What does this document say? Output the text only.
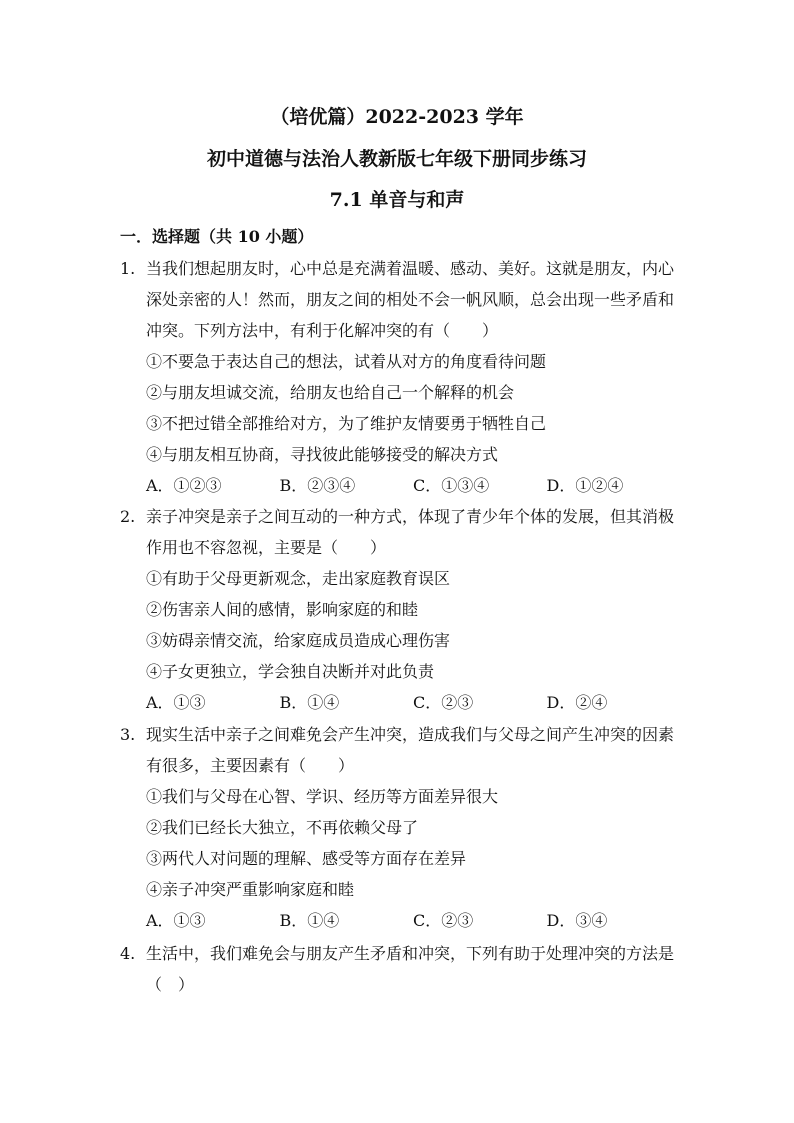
（培优篇）2022-2023 学年
初中道德与法治人教新版七年级下册同步练习
7.1 单音与和声
一．选择题（共 10 小题）
1. 当我们想起朋友时，心中总是充满着温暖、感动、美好。这就是朋友，内心深处亲密的人！然而，朋友之间的相处不会一帆风顺，总会出现一些矛盾和冲突。下列方法中，有利于化解冲突的有（　　）
①不要急于表达自己的想法，试着从对方的角度看待问题
②与朋友坦诚交流，给朋友也给自己一个解释的机会
③不把过错全部推给对方，为了维护友情要勇于牺牲自己
④与朋友相互协商，寻找彼此能够接受的解决方式
A．①②③	B．②③④	C．①③④	D．①②④
2. 亲子冲突是亲子之间互动的一种方式，体现了青少年个体的发展，但其消极作用也不容忽视，主要是（　　）
①有助于父母更新观念，走出家庭教育误区
②伤害亲人间的感情，影响家庭的和睦
③妨碍亲情交流，给家庭成员造成心理伤害
④子女更独立，学会独自决断并对此负责
A．①③	B．①④	C．②③	D．②④
3. 现实生活中亲子之间难免会产生冲突，造成我们与父母之间产生冲突的因素有很多，主要因素有（　　）
①我们与父母在心智、学识、经历等方面差异很大
②我们已经长大独立，不再依赖父母了
③两代人对问题的理解、感受等方面存在差异
④亲子冲突严重影响家庭和睦
A．①③	B．①④	C．②③	D．③④
4. 生活中，我们难免会与朋友产生矛盾和冲突，下列有助于处理冲突的方法是（　）
